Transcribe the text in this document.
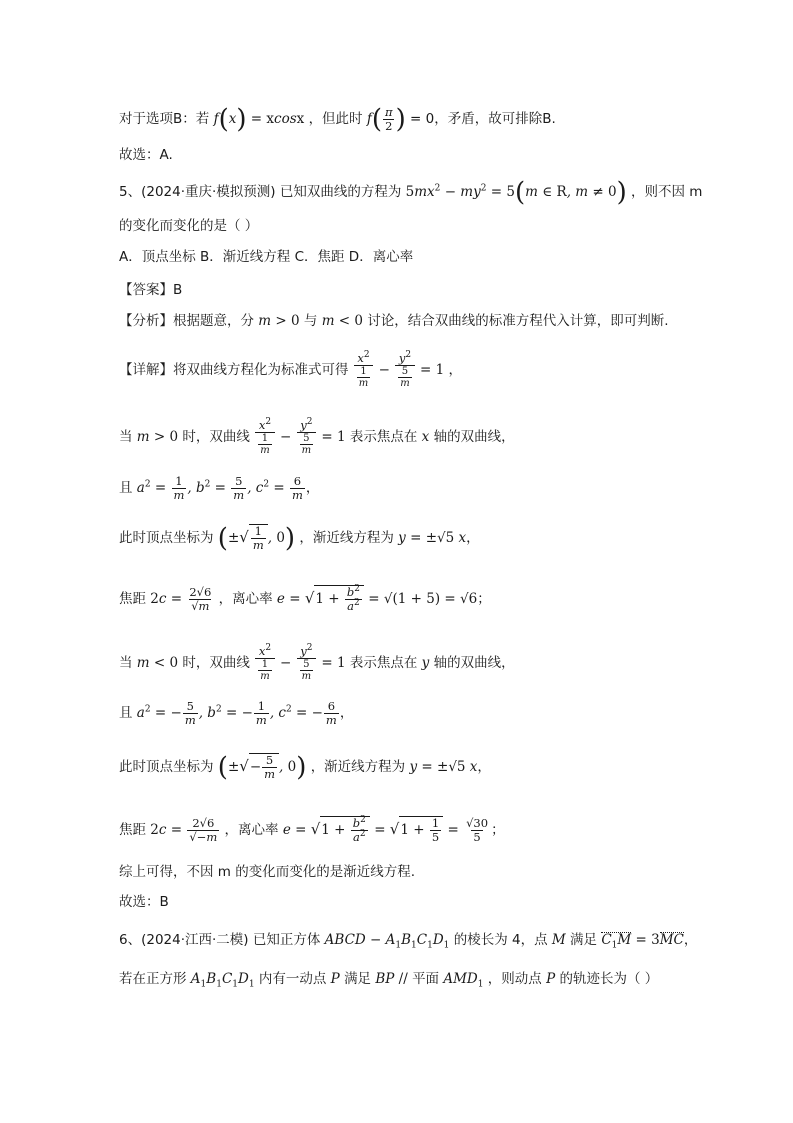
对于选项B：若 f(x) = xcosx ，但此时 $f( \frac{\pi}{2}$ ) = 0，矛盾，故可排除B.
故选：A.
5、(2024·重庆·模拟预测) 已知双曲线的方程为 $5mx^2 - my^2 = 5(m$ ∈ R, m ≠ 0) ，则不因 m
的变化而变化的是（ ）
A．顶点坐标 B．渐近线方程 C．焦距 D．离心率
【答案】B
【分析】根据题意，分 m > 0 与 m < 0 讨论，结合双曲线的标准方程代入计算，即可判断.
【详解】将双曲线方程化为标准式可得 $\frac{x^2}{\frac{1}{m}} - \frac{y^2}{\frac{5}{m}} = 1$ ，
当 m > 0 时，双曲线 $\frac{x^2}{\frac{1}{m}} - \frac{y^2}{\frac{5}{m}} = 1$ 表示焦点在 x 轴的双曲线，
且 $a^2 = \frac{1}{m}$ , $b^2 = \frac{5}{m}$ , $c^2 = \frac{6}{m}$ ，
此时顶点坐标为 (±√ $\frac{1}{m}$ , 0) ，渐近线方程为 y = ±√5 x，
焦距 $2c = \frac{2√6}{√m}$ ，离心率 $e = √1 + \frac{b^2}{a^2} = √(1 + 5) = √6$；
当 m < 0 时，双曲线 $\frac{x^2}{\frac{1}{m}} - \frac{y^2}{\frac{5}{m}} = 1$ 表示焦点在 y 轴的双曲线，
且 $a^2$ = − $\frac{5}{m}$ , $b^2$ = − $\frac{1}{m}$ , $c^2$ = − $\frac{6}{m}$ ，
此时顶点坐标为 (±√− $\frac{5}{m}$ , 0) ，渐近线方程为 y = ±√5 x，
焦距 $2c = \frac{2√6}{√-m}$ ，离心率 $e = √1 + \frac{b^2}{a^2} = √1 + \frac{1}{5} = \frac{√30}{5}$ ；
综上可得，不因 m 的变化而变化的是渐近线方程.
故选：B
6、(2024·江西·二模) 已知正方体 ABCD − $A_1B_1C_1D_1$ 的棱长为 4，点 M 满足 $C_1M = 3MC$，
若在正方形 $A_1B_1C_1D_1$ 内有一动点 P 满足 BP // 平面 $AMD_1$ ，则动点 P 的轨迹长为（ ）
